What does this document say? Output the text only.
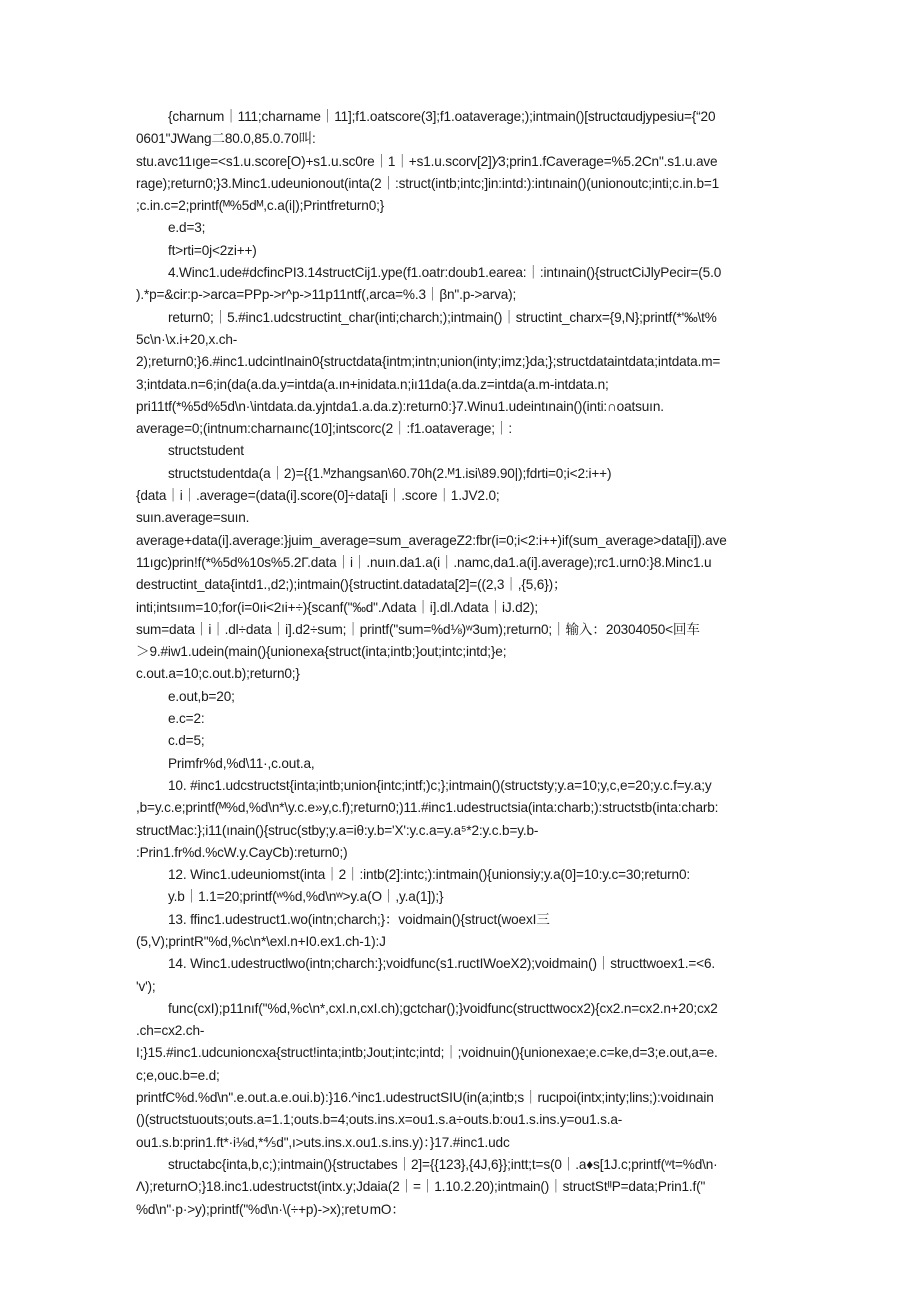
{charnum｜111;charname｜11];f1.oatscore(3];f1.oataverage;);intmain()[structαudjypesiu={“20
0601"JWang二80.0,85.0.70叫:
stu.avc11ıge=<s1.u.score[O)+s1.u.sc0re｜1｜+s1.u.scorv[2])∕3;prin1.fCaverage=%5.2Cn".s1.u.ave
rage);return0;}3.Minc1.udeunionout(inta(2｜:struct(intb;intc;]in:intd:):intınain()(unionoutc;inti;c.in.b=1
;c.in.c=2;printf(ᴹ%5dᴹ,c.a(i|);Printfreturn0;}
e.d=3;
ft>rti=0j<2zi++)
4.Winc1.ude#dcfincPI3.14structCij1.ype(f1.oatr:doub1.earea:｜:intınain(){structCiJlyPecir=(5.0
).*p=&cir:p->arca=PPp->r^p->11p11ntf(,arca=%.3｜βn".p->arva);
return0;｜5.#inc1.udcstructint_char(inti;charch;);intmain()｜structint_charx={9,N};printf(*'‰\t%
5c\n·\x.i+20,x.ch-
2);return0;}6.#inc1.udcintInain0{structdata{intm;intn;union(inty;imz;}da;};structdataintdata;intdata.m=
3;intdata.n=6;in(da(a.da.y=intda(a.ın+inidata.n;iı11da(a.da.z=intda(a.m-intdata.n;
pri11tf(*%5d%5d\n·\intdata.da.yjntda1.a.da.z):return0:}7.Winu1.udeintınain()(inti:∩oatsuın.
average=0;(intnum:charnaınc(10];intscorc(2｜:f1.oataverage;｜:
structstudent
structstudentda(a｜2)={{1.ᴹzhangsan\60.70h(2.ᴹ1.isi\89.90|);fdrti=0;i<2:i++)
{data｜i｜.average=(data(i].score(0]÷data[i｜.score｜1.JV2.0;
suın.average=suın.
average+data(i].average:}juim_average=sum_averageZ2:fbr(i=0;i<2:i++)if(sum_average>data[i]).ave
11ıgc)prin!f(*%5d%10s%5.2Γ.data｜i｜.nuın.da1.a(i｜.namc,da1.a(i].average);rc1.urn0:}8.Minc1.u
destructint_data{intd1.,d2;);intmain(){structint.datadata[2]=((2,3｜,{5,6})；
inti;intsıım=10;for(i=0ıi<2ıi+÷){scanf("‰d".Λdata｜i].dl.Λdata｜iJ.d2);
sum=data｜i｜.dl÷data｜i].d2÷sum;｜printf("sum=%d⅛)ʷ3um);return0;｜输入：20304050<回车
＞9.#iw1.udein(main(){unionexa{struct(inta;intb;}out;intc;intd;}e;
c.out.a=10;c.out.b);return0;}
e.out,b=20;
e.c=2:
c.d=5;
Primfr%d,%d\11·,c.out.a,
10. #inc1.udcstructst{inta;intb;union{intc;intf;)c;};intmain()(structsty;y.a=10;y,c,e=20;y.c.f=y.a;y
,b=y.c.e;printf(ᴹ%d,%d\n*\y.c.e»y,c.f);return0;)11.#inc1.udestructsia(inta:charb;):structstb(inta:charb:
structMac:};i11(ınain(){struc(stby;y.a=iθ:y.b='X':y.c.a=y.a⁵*2:y.c.b=y.b-
:Prin1.fr%d.%cW.y.CayCb):return0;)
12. Winc1.udeuniomst(inta｜2｜:intb(2]:intc;):intmain(){unionsiy;y.a(0]=10:y.c=30;return0:
y.b｜1.1=20;printf(ʷ%d,%d\nʷ>y.a(O｜,y.a(1]);}
13. ffinc1.udestruct1.wo(intn;charch;}：voidmain(){struct(woexI三
(5,V);printR"%d,%c\n*\exl.n+I0.ex1.ch-1):J
14. Winc1.udestructlwo(intn;charch:};voidfunc(s1.ructIWoeX2);voidmain()｜structtwoex1.=<6.
'v');
func(cxI);p11nıf("%d,%c\n*,cxI.n,cxI.ch);gctchar();}voidfunc(structtwocx2){cx2.n=cx2.n+20;cx2
.ch=cx2.ch-
I;}15.#inc1.udcunioncxa{struct!inta;intb;Jout;intc;intd;｜;voidnuin(){unionexae;e.c=ke,d=3;e.out,a=e.
c;e,ouc.b=e.d;
printfC%d.%d\n".e.out.a.e.oui.b):}16.^inc1.udestructSIU(in(a;intb;s｜rucιpoi(intx;inty;lins;):voidınain
()(structstuouts;outs.a=1.1;outs.b=4;outs.ins.x=ou1.s.a÷outs.b:ou1.s.ins.y=ou1.s.a-
ou1.s.b:prin1.ft*·i⅛d,*⅘d",ı>uts.ins.x.ou1.s.ins.y)：}17.#inc1.udc
structabc{inta,b,c;);intmain(){structabes｜2]={{123},{4J,6}};intt;t=s(0｜.a♦s[1J.c;printf(ʷt=%d\n·
Λ);returnO;}18.inc1.udestructst(intx.y;Jdaia(2｜=｜1.10.2.20);intmain()｜structStᴵᴵP=data;Prin1.f("
%d\n"·p·>y);printf("%d\n·\(÷+p)->x);ret∪mO：
